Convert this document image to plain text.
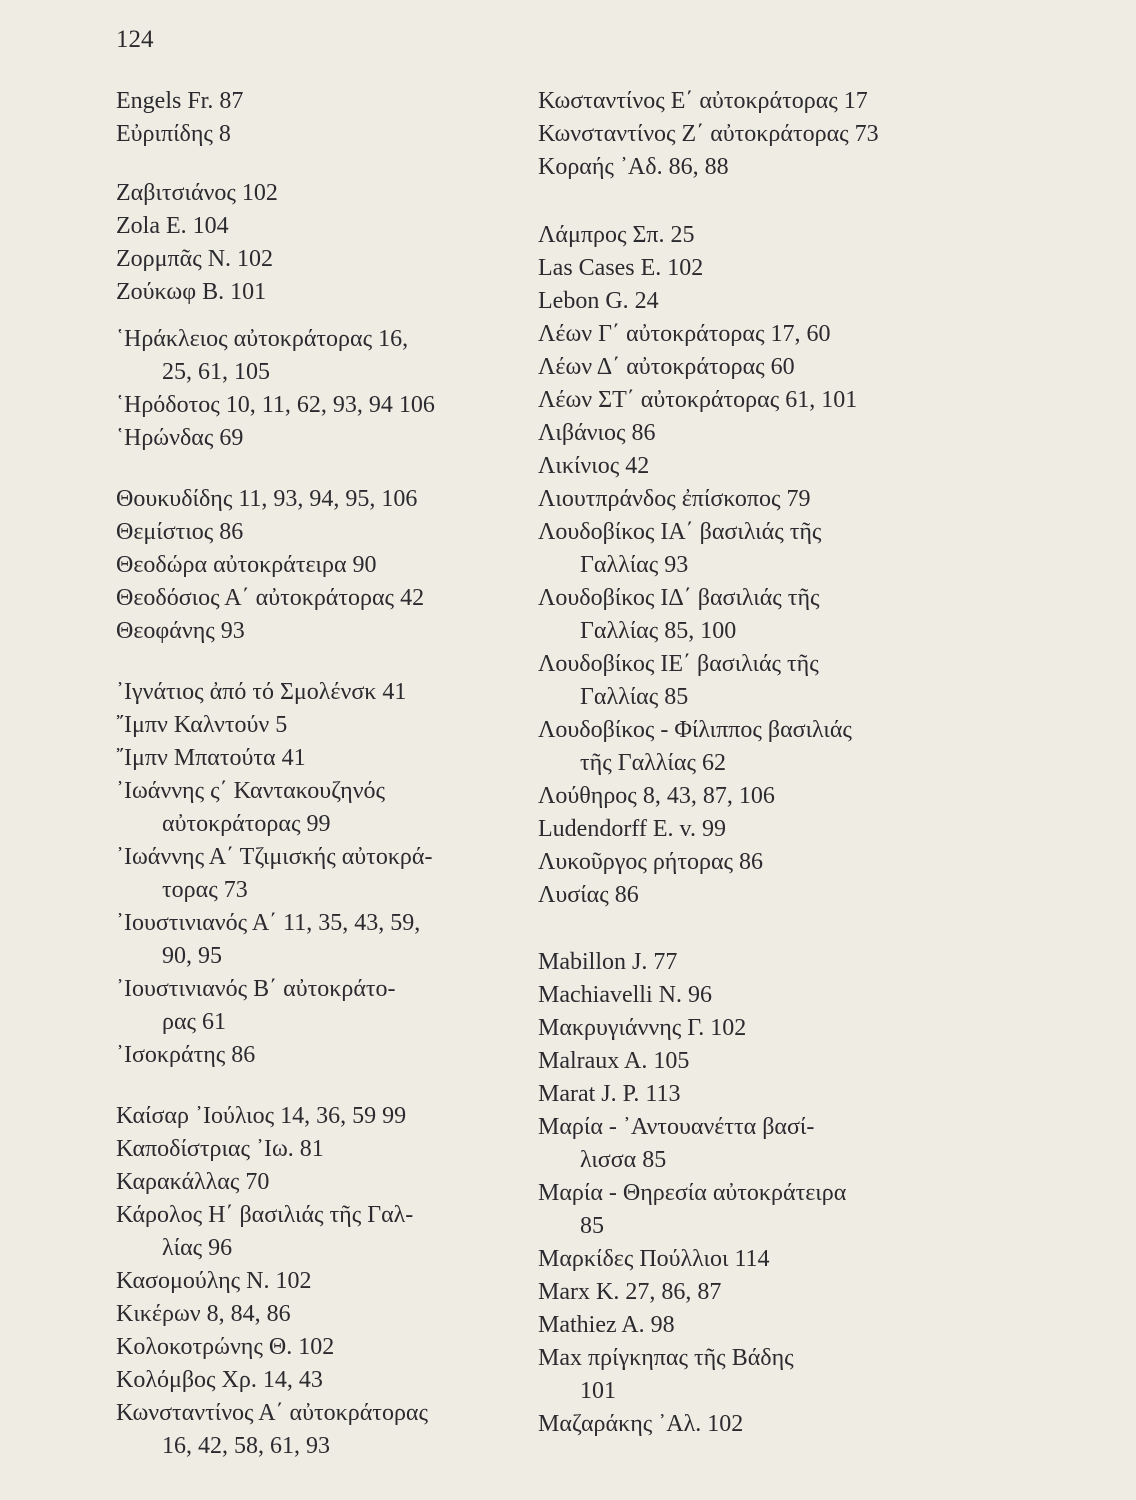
124
Engels Fr. 87
Εὐριπίδης 8
Ζαβιτσιάνος 102
Zola E. 104
Ζορμπᾶς Ν. 102
Ζούκωφ Β. 101
῾Ηράκλειος αὐτοκράτορας 16,
25, 61, 105
῾Ηρόδοτος 10, 11, 62, 93, 94 106
῾Ηρώνδας 69
Θουκυδίδης 11, 93, 94, 95, 106
Θεμίστιος 86
Θεοδώρα αὐτοκράτειρα 90
Θεοδόσιος Α΄ αὐτοκράτορας 42
Θεοφάνης 93
᾿Ιγνάτιος ἀπό τό Σμολένσκ 41
῎Ιμπν Καλντούν 5
῎Ιμπν Μπατούτα 41
᾿Ιωάννης ς΄ Καντακουζηνός
αὐτοκράτορας 99
᾿Ιωάννης Α΄ Τζιμισκής αὐτοκρά-
τορας 73
᾿Ιουστινιανός Α΄ 11, 35, 43, 59,
90, 95
᾿Ιουστινιανός Β΄ αὐτοκράτο-
ρας 61
᾿Ισοκράτης 86
Καίσαρ ᾿Ιούλιος 14, 36, 59 99
Καποδίστριας ᾿Ιω. 81
Καρακάλλας 70
Κάρολος Η΄ βασιλιάς τῆς Γαλ-
λίας 96
Κασομούλης Ν. 102
Κικέρων 8, 84, 86
Κολοκοτρώνης Θ. 102
Κολόμβος Χρ. 14, 43
Κωνσταντίνος Α΄ αὐτοκράτορας
16, 42, 58, 61, 93
Κωσταντίνος Ε΄ αὐτοκράτορας 17
Κωνσταντίνος Ζ΄ αὐτοκράτορας 73
Κοραής ᾿Αδ. 86, 88
Λάμπρος Σπ. 25
Las Cases E. 102
Lebon G. 24
Λέων Γ΄ αὐτοκράτορας 17, 60
Λέων Δ΄ αὐτοκράτορας 60
Λέων ΣΤ΄ αὐτοκράτορας 61, 101
Λιβάνιος 86
Λικίνιος 42
Λιουτπράνδος ἐπίσκοπος 79
Λουδοβίκος ΙΑ΄ βασιλιάς τῆς
Γαλλίας 93
Λουδοβίκος ΙΔ΄ βασιλιάς τῆς
Γαλλίας 85, 100
Λουδοβίκος ΙΕ΄ βασιλιάς τῆς
Γαλλίας 85
Λουδοβίκος - Φίλιππος βασιλιάς
τῆς Γαλλίας 62
Λούθηρος 8, 43, 87, 106
Ludendorff E. v. 99
Λυκοῦργος ρήτορας 86
Λυσίας 86
Mabillon J. 77
Machiavelli N. 96
Μακρυγιάννης Γ. 102
Malraux A. 105
Marat J. P. 113
Μαρία - ᾿Αντουανέττα βασί-
λισσα 85
Μαρία - Θηρεσία αὐτοκράτειρα
85
Μαρκίδες Πούλλιοι 114
Marx K. 27, 86, 87
Mathiez A. 98
Max πρίγκηπας τῆς Βάδης
101
Μαζαράκης ᾿Αλ. 102
